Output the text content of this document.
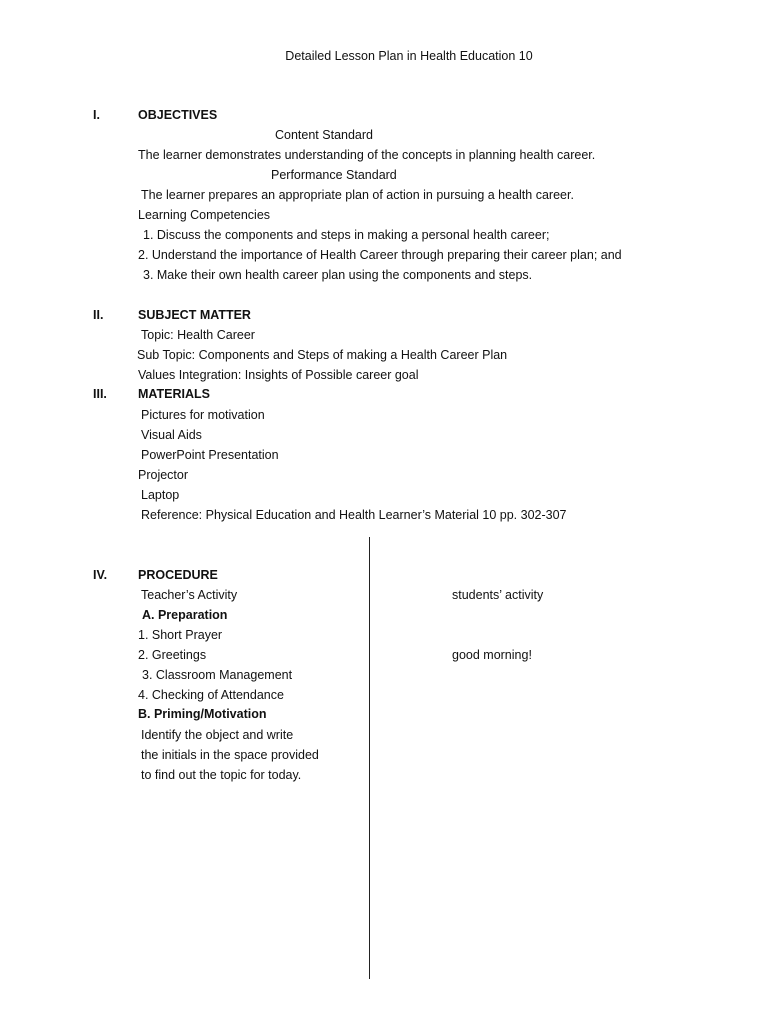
Detailed Lesson Plan in Health Education 10
I.	OBJECTIVES
Content Standard
The learner demonstrates understanding of the concepts in planning health career.
Performance Standard
The learner prepares an appropriate plan of action in pursuing a health career.
Learning Competencies
1. Discuss the components and steps in making a personal health career;
2. Understand the importance of Health Career through preparing their career plan; and
3. Make their own health career plan using the components and steps.
II.	SUBJECT MATTER
Topic: Health Career
Sub Topic: Components and Steps of making a Health Career Plan
Values Integration: Insights of Possible career goal
III. MATERIALS
Pictures for motivation
Visual Aids
PowerPoint Presentation
Projector
Laptop
Reference: Physical Education and Health Learner’s Material 10 pp. 302-307
IV. PROCEDURE
Teacher’s Activity	students’ activity
A. Preparation
1. Short Prayer
2. Greetings	good morning!
3. Classroom Management
4. Checking of Attendance
B. Priming/Motivation
Identify the object and write
the initials in the space provided
to find out the topic for today.
